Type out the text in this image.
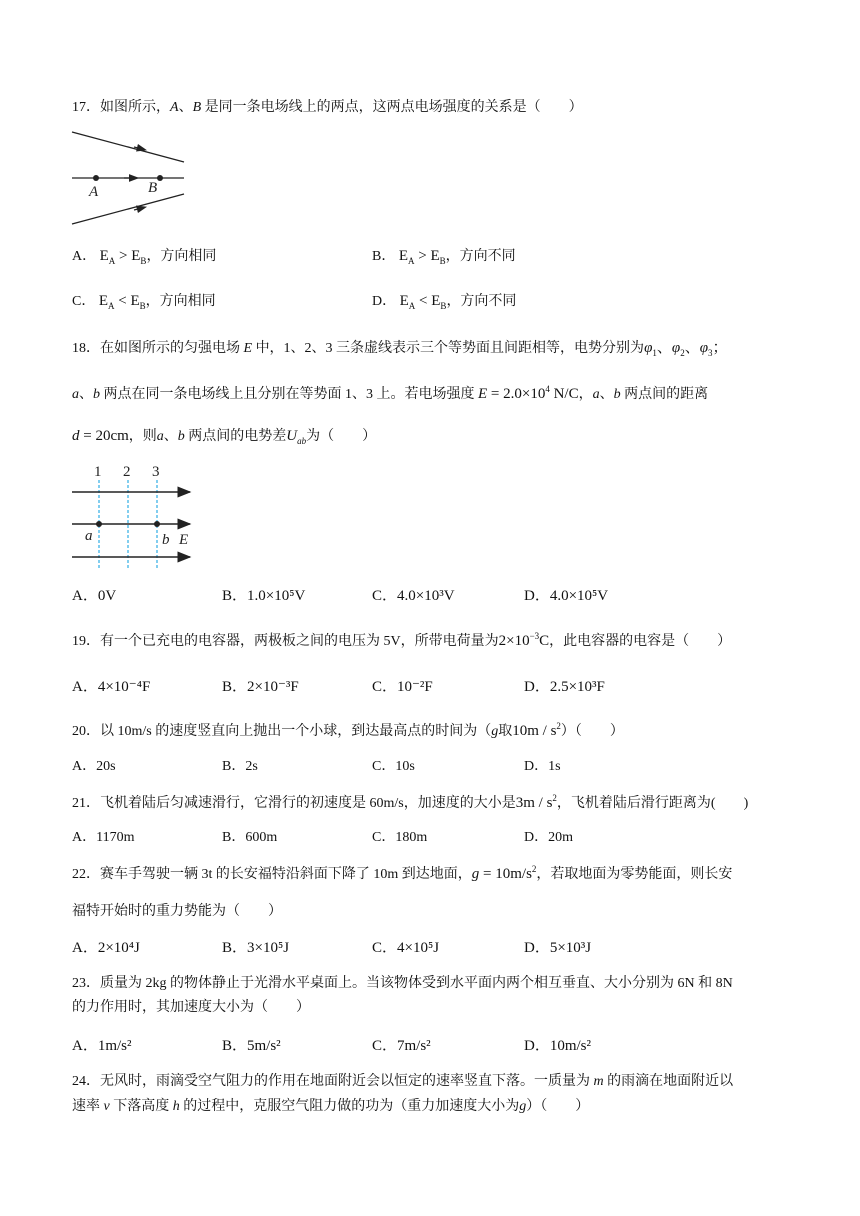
17．如图所示，A、B 是同一条电场线上的两点，这两点电场强度的关系是（　　）
A	B
A． $E_A > E_B$，方向相同	B． $E_A > E_B$，方向不同
C． $E_A < E_B$，方向相同	D． $E_A < E_B$，方向不同
18．在如图所示的匀强电场 E 中，1、2、3 三条虚线表示三个等势面且间距相等，电势分别为$\varphi_1$、$\varphi_2$、$\varphi_3$；
a、b 两点在同一条电场线上且分别在等势面 1、3 上。若电场强度 $E = 2.0\times 10^4$ N/C，a、b 两点间的距离
d = 20cm，则a、b 两点间的电势差$U_{ab}$为（　　）
1 2 3
a	b E
A．0V	B．1.0×10⁵V	C．4.0×10³V	D．4.0×10⁵V
19．有一个已充电的电容器，两极板之间的电压为 5V，所带电荷量为$2\times 10^{-3}C$，此电容器的电容是（　　）
A．4×10⁻⁴F	B．2×10⁻³F	C．10⁻²F	D．2.5×10³F
20．以 10m/s 的速度竖直向上抛出一个小球，到达最高点的时间为（g取$10m / s^2$）（　　）
A．20s	B．2s	C．10s	D．1s
21．飞机着陆后匀减速滑行，它滑行的初速度是 60m/s，加速度的大小是$3m / s^2$，飞机着陆后滑行距离为(　　)
A．1170m	B．600m	C．180m	D．20m
22．赛车手驾驶一辆 3t 的长安福特沿斜面下降了 10m 到达地面，$g = 10m/s^2$，若取地面为零势能面，则长安
福特开始时的重力势能为（　　）
A．2×10⁴J	B．3×10⁵J	C．4×10⁵J	D．5×10³J
23．质量为 2kg 的物体静止于光滑水平桌面上。当该物体受到水平面内两个相互垂直、大小分别为 6N 和 8N
的力作用时，其加速度大小为（　　）
A．1m/s²	B．5m/s²	C．7m/s²	D．10m/s²
24．无风时，雨滴受空气阻力的作用在地面附近会以恒定的速率竖直下落。一质量为 m 的雨滴在地面附近以
速率 v 下落高度 h 的过程中，克服空气阻力做的功为（重力加速度大小为g）（　　）
